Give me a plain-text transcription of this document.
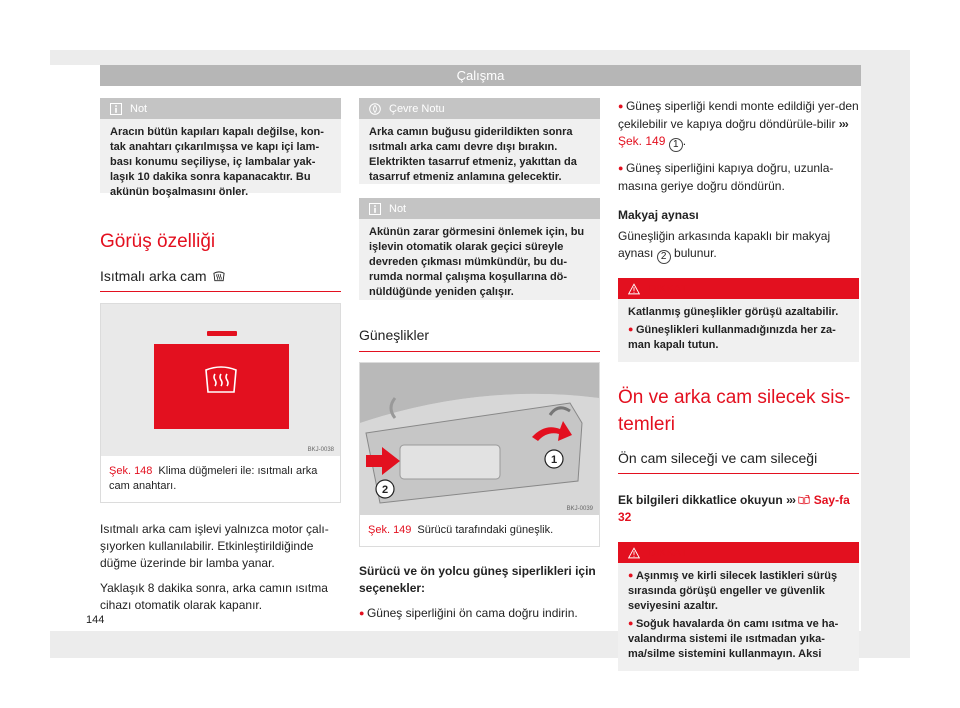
Çalışma
Not
Aracın bütün kapıları kapalı değilse, kon-tak anahtarı çıkarılmışsa ve kapı içi lam-bası konumu seçiliyse, iç lambalar yak-laşık 10 dakika sonra kapanacaktır. Bu akünün boşalmasını önler.
Görüş özelliği
Isıtmalı arka cam
BKJ-0038
Şek. 148 Klima düğmeleri ile: ısıtmalı arka cam anahtarı.

Isıtmalı arka cam işlevi yalnızca motor çalı-şıyorken kullanılabilir. Etkinleştirildiğinde düğme üzerinde bir lamba yanar.

Yaklaşık 8 dakika sonra, arka camın ısıtma cihazı otomatik olarak kapanır.

Çevre Notu
Arka camın buğusu giderildikten sonra ısıtmalı arka camı devre dışı bırakın. Elektrikten tasarruf etmeniz, yakıttan da tasarruf etmeniz anlamına gelecektir.
Not
Akünün zarar görmesini önlemek için, bu işlevin otomatik olarak geçici süreyle devreden çıkması mümkündür, bu du-rumda normal çalışma koşullarına dö-nüldüğünde yeniden çalışır.
Güneşlikler
1
2
BKJ-0039
Şek. 149 Sürücü tarafındaki güneşlik.

Sürücü ve ön yolcu güneş siperlikleri için seçenekler:

● Güneş siperliğini ön cama doğru indirin.

● Güneş siperliği kendi monte edildiği yer-den çekilebilir ve kapıya doğru döndürüle-bilir ››› Şek. 149 1 .

● Güneş siperliğini kapıya doğru, uzunla-masına geriye doğru döndürün.

Makyaj aynası

Güneşliğin arkasında kapaklı bir makyaj aynası 2 bulunur.

DİKKAT

Katlanmış güneşlikler görüşü azaltabilir.

● Güneşlikleri kullanmadığınızda her za-man kapalı tutun.

Ön ve arka cam silecek sis-temleri
Ön cam sileceği ve cam sileceği

Ek bilgileri dikkatlice okuyun ››› Say-fa 32

DİKKAT

● Aşınmış ve kirli silecek lastikleri sürüş sırasında görüşü engeller ve güvenlik seviyesini azaltır.

● Soğuk havalarda ön camı ısıtma ve ha-valandırma sistemi ile ısıtmadan yıka-ma/silme sistemini kullanmayın. Aksi

144
